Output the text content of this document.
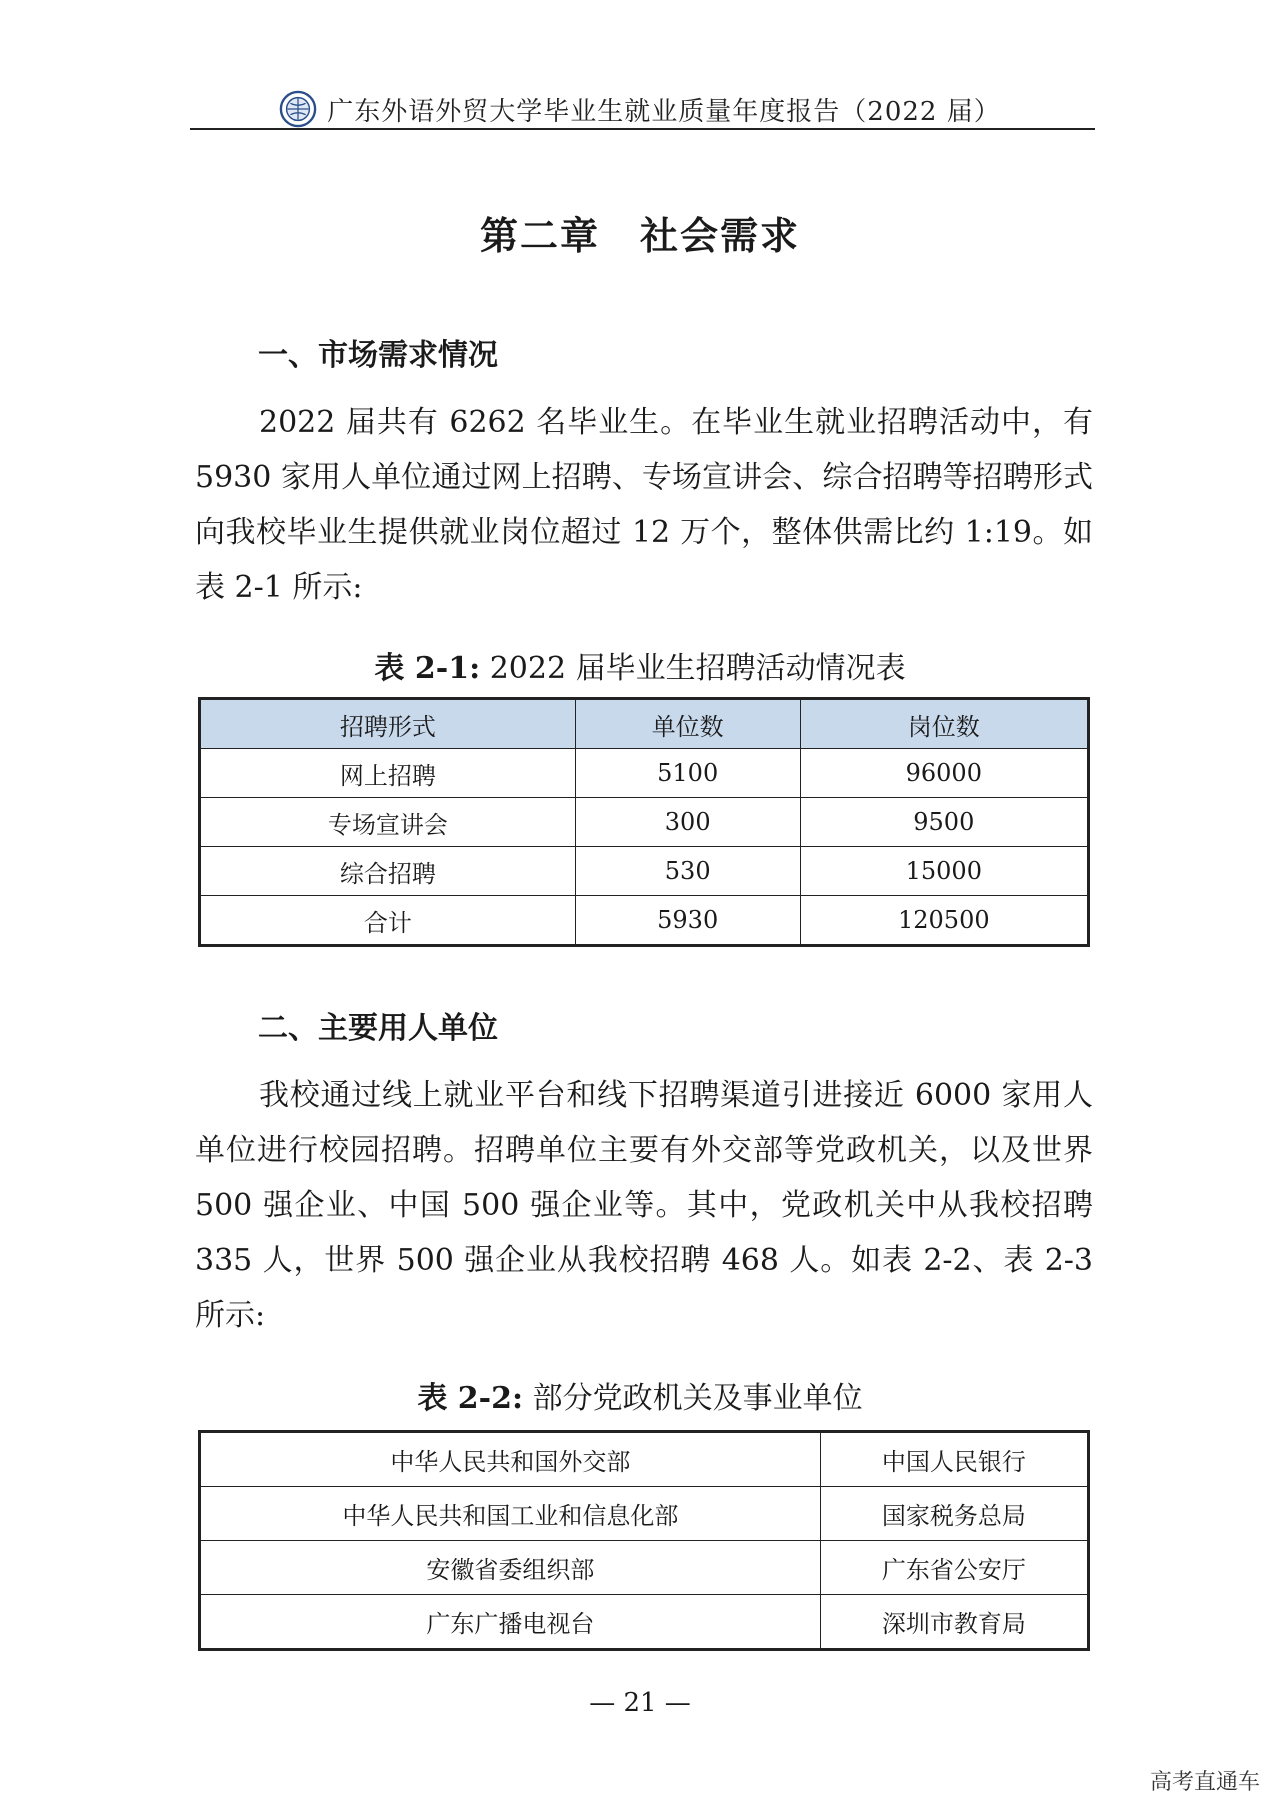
广东外语外贸大学毕业生就业质量年度报告（2022 届）
第二章　社会需求
一、市场需求情况

2022 届共有 6262 名毕业生。在毕业生就业招聘活动中，有 5930 家用人单位通过网上招聘、专场宣讲会、综合招聘等招聘形式向我校毕业生提供就业岗位超过 12 万个，整体供需比约 1:19。如表 2-1 所示:

表 2-1: 2022 届毕业生招聘活动情况表
招聘形式	单位数	岗位数
网上招聘	5100	96000
专场宣讲会	300	9500
综合招聘	530	15000
合计	5930	120500
二、主要用人单位

我校通过线上就业平台和线下招聘渠道引进接近 6000 家用人单位进行校园招聘。招聘单位主要有外交部等党政机关，以及世界 500 强企业、中国 500 强企业等。其中，党政机关中从我校招聘 335 人，世界 500 强企业从我校招聘 468 人。如表 2-2、表 2-3 所示:

表 2-2: 部分党政机关及事业单位
中华人民共和国外交部	中国人民银行
中华人民共和国工业和信息化部	国家税务总局
安徽省委组织部	广东省公安厅
广东广播电视台	深圳市教育局
— 21 —
高考直通车
